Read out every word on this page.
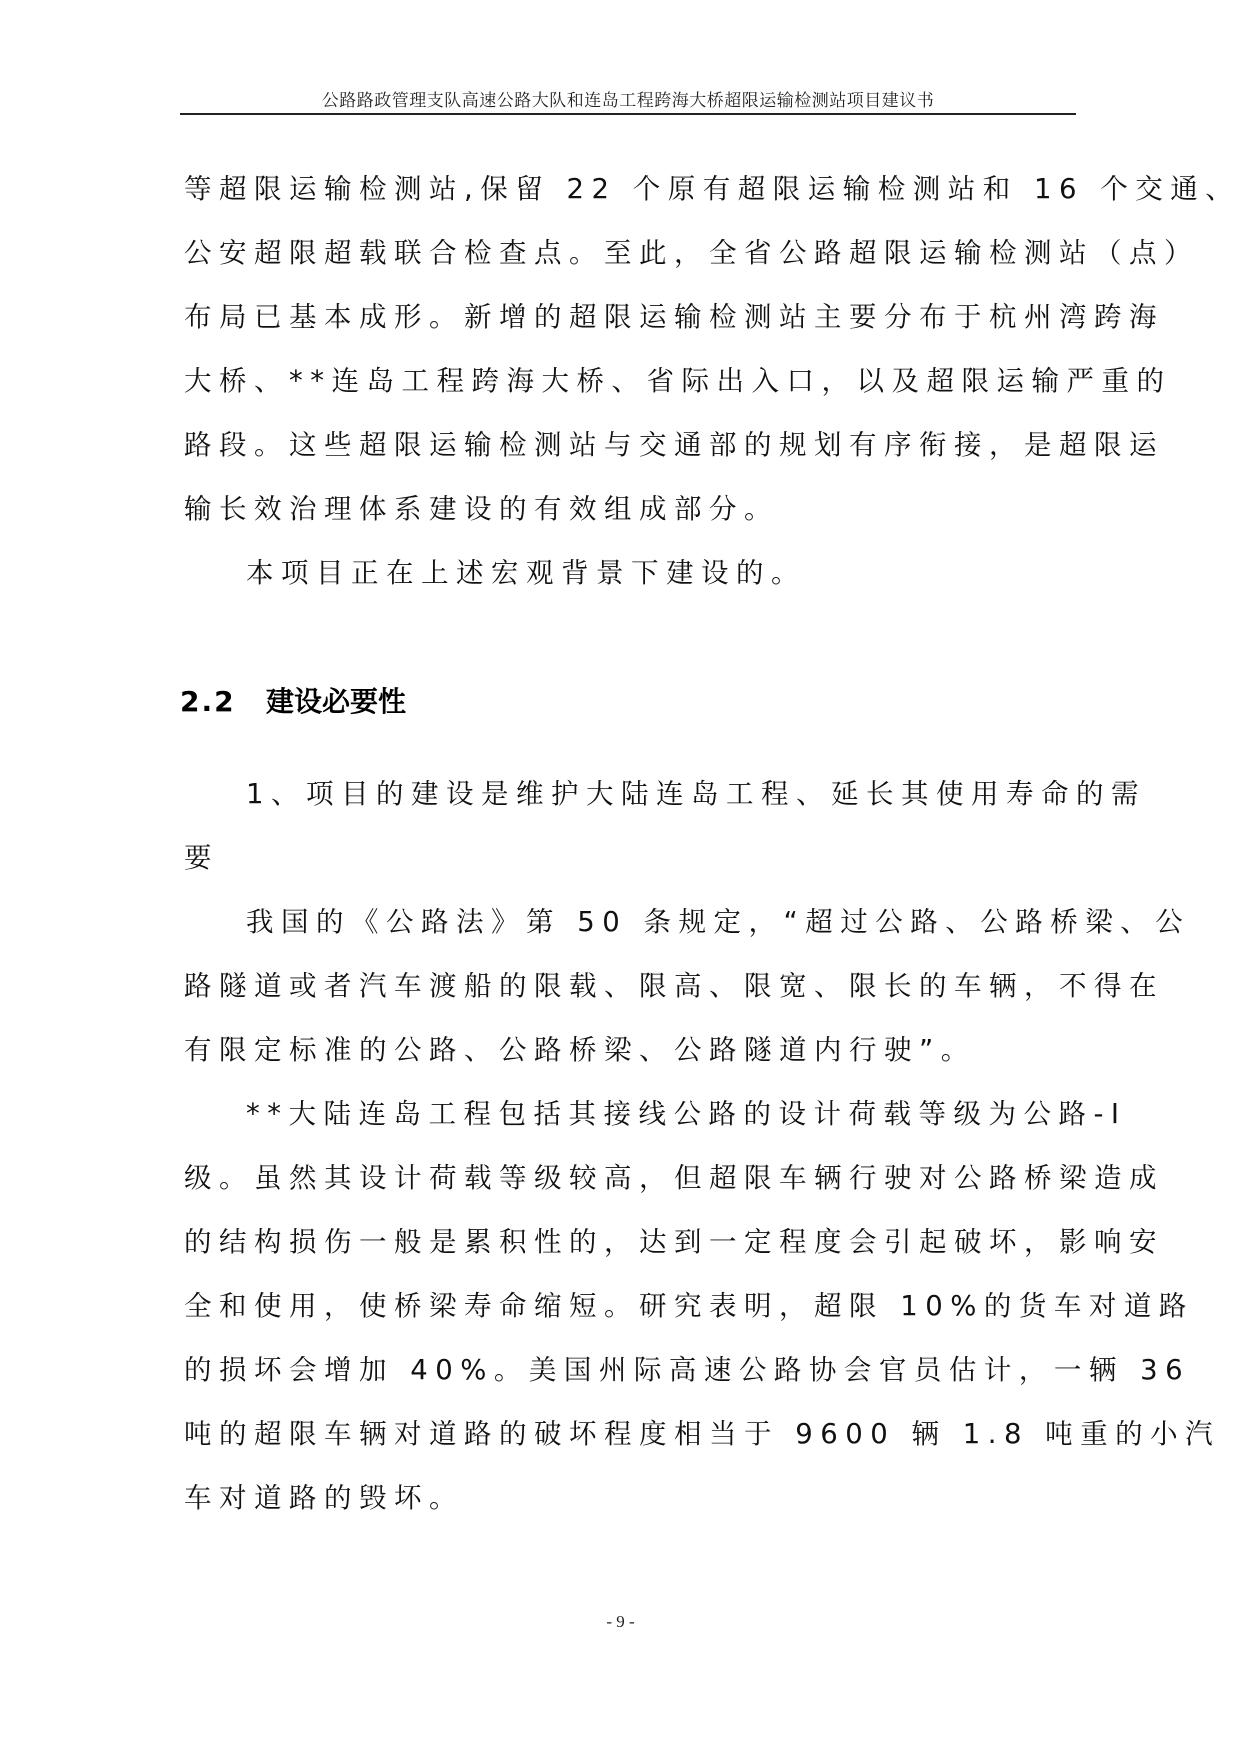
公路路政管理支队高速公路大队和连岛工程跨海大桥超限运输检测站项目建议书
等超限运输检测站,保留 22 个原有超限运输检测站和 16 个交通、
公安超限超载联合检查点。至此，全省公路超限运输检测站（点）
布局已基本成形。新增的超限运输检测站主要分布于杭州湾跨海
大桥、**连岛工程跨海大桥、省际出入口，以及超限运输严重的
路段。这些超限运输检测站与交通部的规划有序衔接，是超限运
输长效治理体系建设的有效组成部分。
本项目正在上述宏观背景下建设的。
2.2 建设必要性
1、项目的建设是维护大陆连岛工程、延长其使用寿命的需
要
我国的《公路法》第 50 条规定，“超过公路、公路桥梁、公
路隧道或者汽车渡船的限载、限高、限宽、限长的车辆，不得在
有限定标准的公路、公路桥梁、公路隧道内行驶”。
**大陆连岛工程包括其接线公路的设计荷载等级为公路-I
级。虽然其设计荷载等级较高，但超限车辆行驶对公路桥梁造成
的结构损伤一般是累积性的，达到一定程度会引起破坏，影响安
全和使用，使桥梁寿命缩短。研究表明，超限 10%的货车对道路
的损坏会增加 40%。美国州际高速公路协会官员估计，一辆 36
吨的超限车辆对道路的破坏程度相当于 9600 辆 1.8 吨重的小汽
车对道路的毁坏。
- 9 -
